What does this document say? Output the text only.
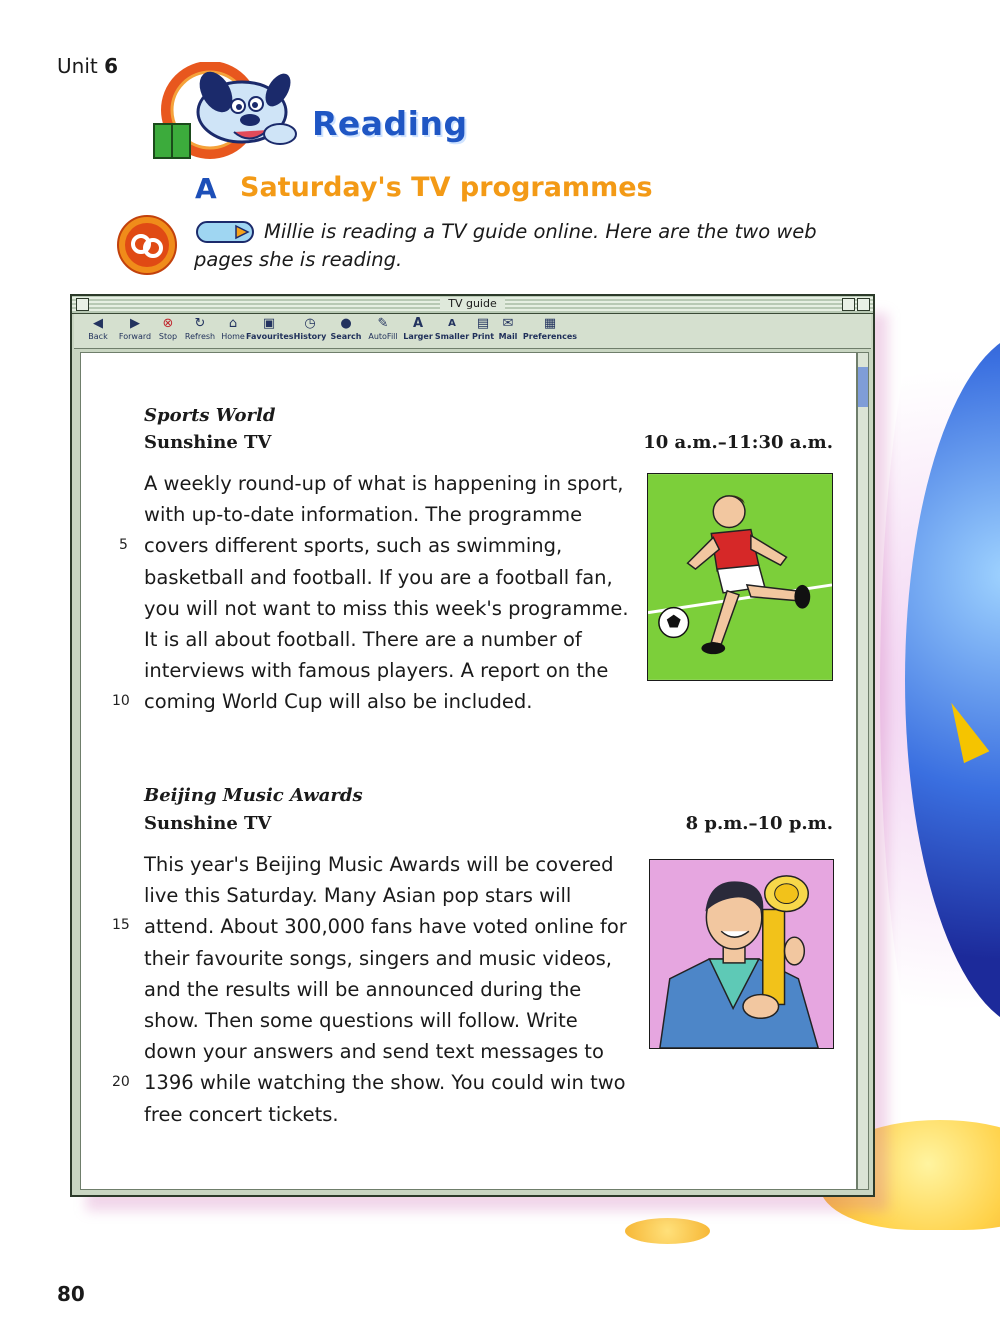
Unit 6
Reading
A Saturday's TV programmes
Millie is reading a TV guide online. Here are the two web pages she is reading.
TV guide
◀
Back
▶
Forward
⊗
Stop
↻
Refresh
⌂
Home
▣
Favourites
◷
History
●
Search
✎
AutoFill
A
Larger
A
Smaller
▤
Print
✉
Mail
▦
Preferences
Sports World
Sunshine TV	10 a.m.–11:30 a.m.
A weekly round-up of what is happening in sport,
with up-to-date information. The programme
covers different sports, such as swimming,
basketball and football. If you are a football fan,
you will not want to miss this week's programme.
It is all about football. There are a number of
interviews with famous players. A report on the
coming World Cup will also be included.
5
10
Beijing Music Awards
Sunshine TV	8 p.m.–10 p.m.
This year's Beijing Music Awards will be covered
live this Saturday. Many Asian pop stars will
attend. About 300,000 fans have voted online for
their favourite songs, singers and music videos,
and the results will be announced during the
show. Then some questions will follow. Write
down your answers and send text messages to
1396 while watching the show. You could win two
free concert tickets.
15
20
80
